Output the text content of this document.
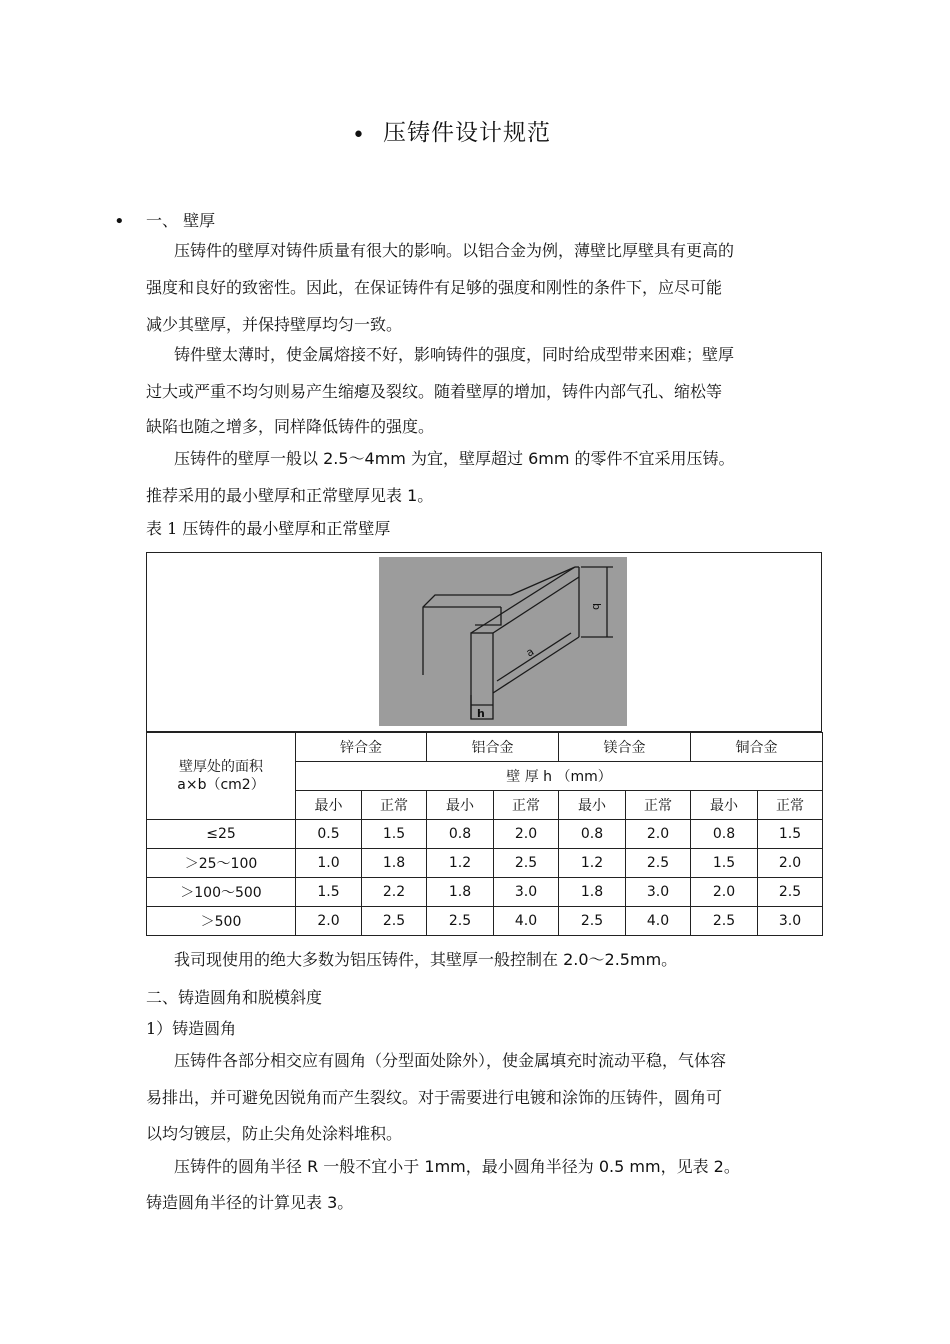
• 压铸件设计规范
• 一、 壁厚
压铸件的壁厚对铸件质量有很大的影响。以铝合金为例，薄壁比厚壁具有更高的
强度和良好的致密性。因此，在保证铸件有足够的强度和刚性的条件下，应尽可能
减少其壁厚，并保持壁厚均匀一致。
铸件壁太薄时，使金属熔接不好，影响铸件的强度，同时给成型带来困难；壁厚
过大或严重不均匀则易产生缩瘪及裂纹。随着壁厚的增加，铸件内部气孔、缩松等
缺陷也随之增多，同样降低铸件的强度。
压铸件的壁厚一般以 2.5～4mm 为宜，壁厚超过 6mm 的零件不宜采用压铸。
推荐采用的最小壁厚和正常壁厚见表 1。
表 1 压铸件的最小壁厚和正常壁厚
b
a
h
壁厚处的面积
a×b（cm2）	锌合金		铝合金		镁合金		铜合金	
	壁 厚 h （mm）							
	最小	正常	最小	正常	最小	正常	最小	正常
≤25	0.5	1.5	0.8	2.0	0.8	2.0	0.8	1.5
＞25～100	1.0	1.8	1.2	2.5	1.2	2.5	1.5	2.0
＞100～500	1.5	2.2	1.8	3.0	1.8	3.0	2.0	2.5
＞500	2.0	2.5	2.5	4.0	2.5	4.0	2.5	3.0
我司现使用的绝大多数为铝压铸件，其壁厚一般控制在 2.0～2.5mm。
二、铸造圆角和脱模斜度
1）铸造圆角
压铸件各部分相交应有圆角（分型面处除外），使金属填充时流动平稳，气体容
易排出，并可避免因锐角而产生裂纹。对于需要进行电镀和涂饰的压铸件，圆角可
以均匀镀层，防止尖角处涂料堆积。
压铸件的圆角半径 R 一般不宜小于 1mm，最小圆角半径为 0.5 mm，见表 2。
铸造圆角半径的计算见表 3。
